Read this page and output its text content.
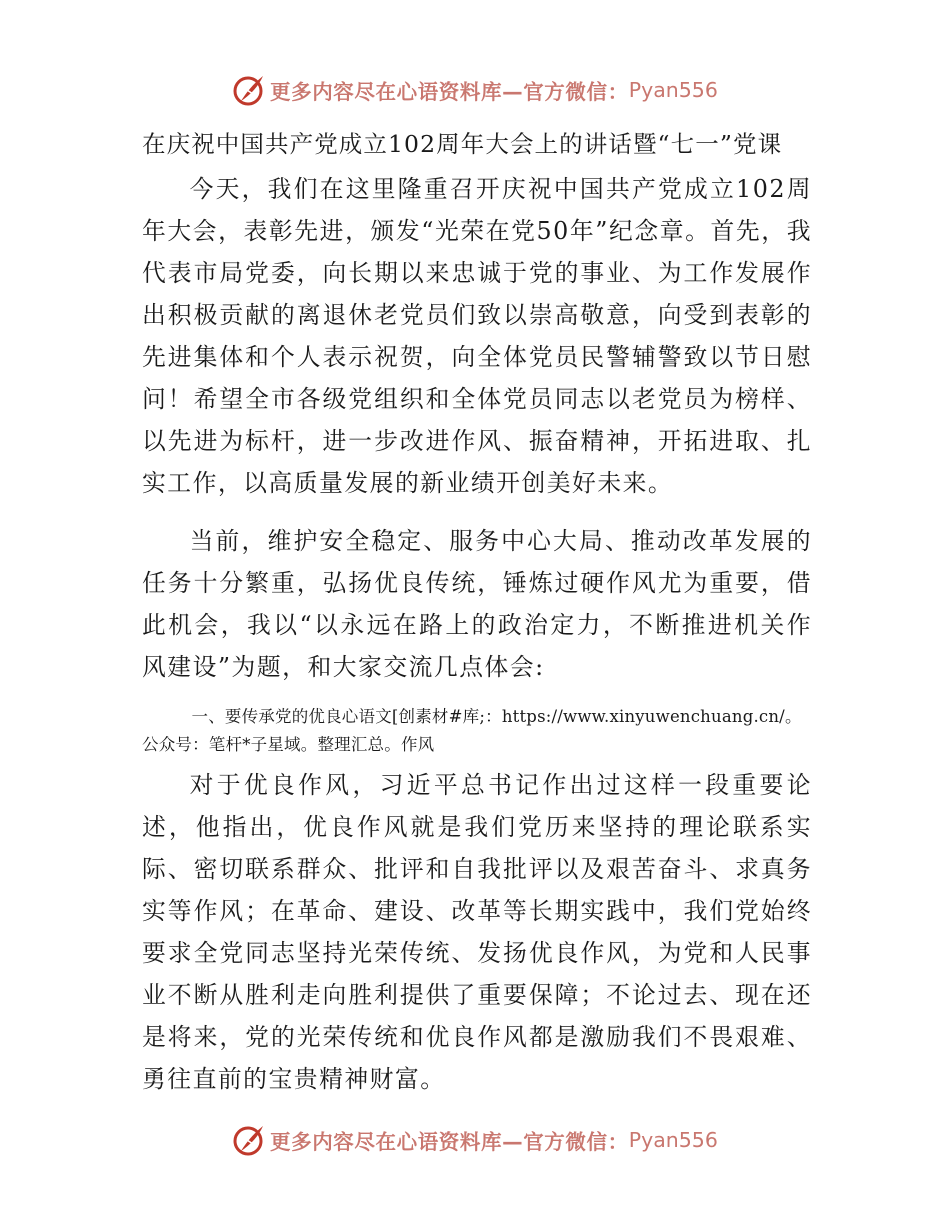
更多内容尽在心语资料库—官方微信： Pyan556
在庆祝中国共产党成立102周年大会上的讲话暨“七一”党课

今天，我们在这里隆重召开庆祝中国共产党成立102周年大会，表彰先进，颁发“光荣在党50年”纪念章。首先，我代表市局党委，向长期以来忠诚于党的事业、为工作发展作出积极贡献的离退休老党员们致以崇高敬意，向受到表彰的先进集体和个人表示祝贺，向全体党员民警辅警致以节日慰问！希望全市各级党组织和全体党员同志以老党员为榜样、以先进为标杆，进一步改进作风、振奋精神，开拓进取、扎实工作，以高质量发展的新业绩开创美好未来。

当前，维护安全稳定、服务中心大局、推动改革发展的任务十分繁重，弘扬优良传统，锤炼过硬作风尤为重要，借此机会，我以“以永远在路上的政治定力，不断推进机关作风建设”为题，和大家交流几点体会:

一、要传承党的优良心语文[创素材#库;：https://www.xinyuwenchuang.cn/。公众号：笔杆*子星域。整理汇总。作风

对于优良作风，习近平总书记作出过这样一段重要论述，他指出，优良作风就是我们党历来坚持的理论联系实际、密切联系群众、批评和自我批评以及艰苦奋斗、求真务实等作风；在革命、建设、改革等长期实践中，我们党始终要求全党同志坚持光荣传统、发扬优良作风，为党和人民事业不断从胜利走向胜利提供了重要保障；不论过去、现在还是将来，党的光荣传统和优良作风都是激励我们不畏艰难、勇往直前的宝贵精神财富。

更多内容尽在心语资料库—官方微信： Pyan556
